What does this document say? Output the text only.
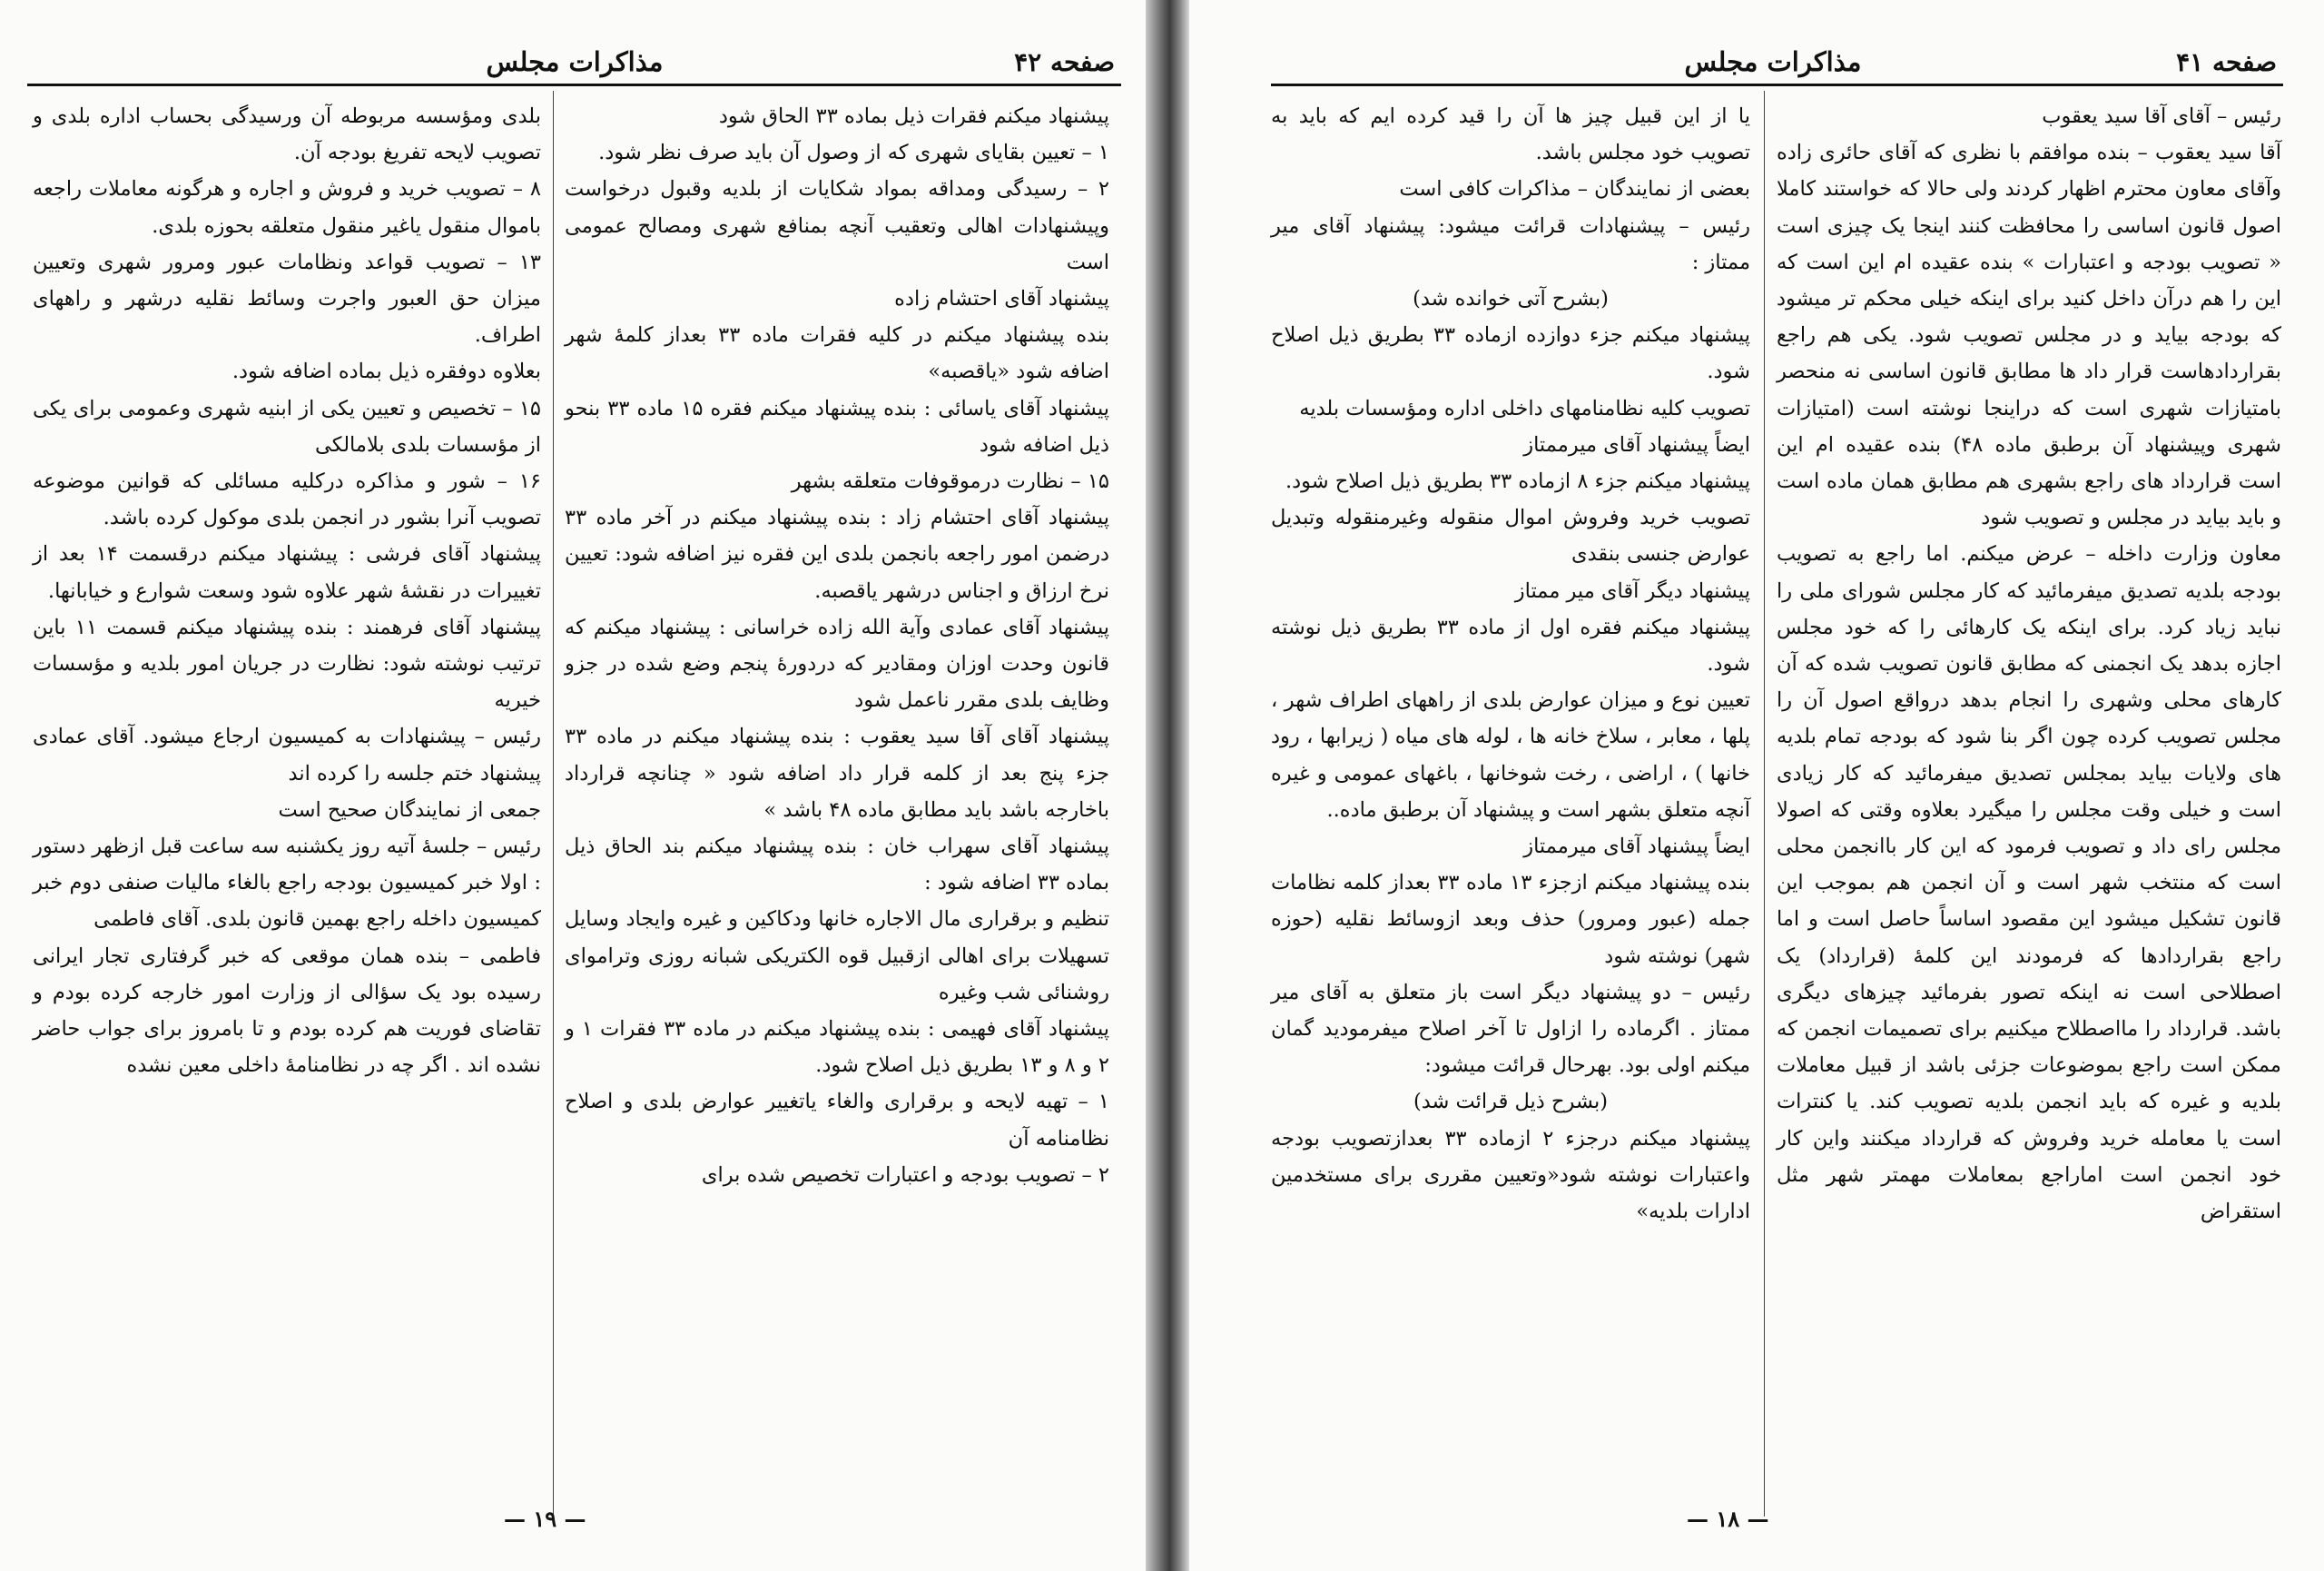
صفحه ۴۲
مذاکرات مجلس

پیشنهاد میکنم فقرات ذیل بماده ۳۳ الحاق شود

۱ – تعیین بقایای شهری که از وصول آن باید صرف نظر شود.

۲ – رسیدگی ومداقه بمواد شکایات از بلدیه وقبول درخواست وپیشنهادات اهالی وتعقیب آنچه بمنافع شهری ومصالح عمومی است

پیشنهاد آقای احتشام زاده

بنده پیشنهاد میکنم در کلیه فقرات ماده ۳۳ بعداز کلمهٔ شهر اضافه شود «یاقصبه»

پیشنهاد آقای یاسائی : بنده پیشنهاد میکنم فقره ۱۵ ماده ۳۳ بنحو ذیل اضافه شود

۱۵ – نظارت درموقوفات متعلقه بشهر

پیشنهاد آقای احتشام زاد : بنده پیشنهاد میکنم در آخر ماده ۳۳ درضمن امور راجعه بانجمن بلدی این فقره نیز اضافه شود: تعیین نرخ ارزاق و اجناس درشهر یاقصبه.

پیشنهاد آقای عمادی وآیة الله زاده خراسانی : پیشنهاد میکنم که قانون وحدت اوزان ومقادیر که دردورهٔ پنجم وضع شده در جزو وظایف بلدی مقرر ناعمل شود

پیشنهاد آقای آقا سید یعقوب : بنده پیشنهاد میکنم در ماده ۳۳ جزء پنج بعد از کلمه قرار داد اضافه شود « چنانچه قرارداد باخارجه باشد باید مطابق ماده ۴۸ باشد »

پیشنهاد آقای سهراب خان : بنده پیشنهاد میکنم بند الحاق ذیل بماده ۳۳ اضافه شود :

تنظیم و برقراری مال الاجاره خانها ودکاکین و غیره وایجاد وسایل تسهیلات برای اهالی ازقبیل قوه الکتریکی شبانه روزی وتراموای روشنائی شب وغیره

پیشنهاد آقای فهیمی : بنده پیشنهاد میکنم در ماده ۳۳ فقرات ۱ و ۲ و ۸ و ۱۳ بطریق ذیل اصلاح شود.

۱ – تهیه لایحه و برقراری والغاء یاتغییر عوارض بلدی و اصلاح نظامنامه آن

۲ – تصویب بودجه و اعتبارات تخصیص شده برای

بلدی ومؤسسه مربوطه آن ورسیدگی بحساب اداره بلدی و تصویب لایحه تفریغ بودجه آن.

۸ – تصویب خرید و فروش و اجاره و هرگونه معاملات راجعه باموال منقول یاغیر منقول متعلقه بحوزه بلدی.

۱۳ – تصویب قواعد ونظامات عبور ومرور شهری وتعیین میزان حق العبور واجرت وسائط نقلیه درشهر و راههای اطراف.

بعلاوه دوفقره ذیل بماده اضافه شود.

۱۵ – تخصیص و تعیین یکی از ابنیه شهری وعمومی برای یکی از مؤسسات بلدی بلامالکی

۱۶ – شور و مذاکره درکلیه مسائلی که قوانین موضوعه تصویب آنرا بشور در انجمن بلدی موکول کرده باشد.

پیشنهاد آقای فرشی : پیشنهاد میکنم درقسمت ۱۴ بعد از تغییرات در نقشهٔ شهر علاوه شود وسعت شوارع و خیابانها.

پیشنهاد آقای فرهمند : بنده پیشنهاد میکنم قسمت ۱۱ باین ترتیب نوشته شود: نظارت در جریان امور بلدیه و مؤسسات خیریه

رئیس – پیشنهادات به کمیسیون ارجاع میشود. آقای عمادی پیشنهاد ختم جلسه را کرده اند

جمعی از نمایندگان صحیح است

رئیس – جلسهٔ آتیه روز یکشنبه سه ساعت قبل ازظهر دستور : اولا خبر کمیسیون بودجه راجع بالغاء مالیات صنفی دوم خبر کمیسیون داخله راجع بهمین قانون بلدی. آقای فاطمی

فاطمی – بنده همان موقعی که خبر گرفتاری تجار ایرانی رسیده بود یک سؤالی از وزارت امور خارجه کرده بودم و تقاضای فوریت هم کرده بودم و تا بامروز برای جواب حاضر نشده اند . اگر چه در نظامنامهٔ داخلی معین نشده

— ۱۹ —
صفحه ۴۱
مذاکرات مجلس

رئیس – آقای آقا سید یعقوب

آقا سید یعقوب – بنده موافقم با نظری که آقای حائری زاده وآقای معاون محترم اظهار کردند ولی حالا که خواستند کاملا اصول قانون اساسی را محافظت کنند اینجا یک چیزی است « تصویب بودجه و اعتبارات » بنده عقیده ام این است که این را هم درآن داخل کنید برای اینکه خیلی محکم تر میشود که بودجه بیاید و در مجلس تصویب شود. یکی هم راجع بقراردادهاست قرار داد ها مطابق قانون اساسی نه منحصر بامتیازات شهری است که دراینجا نوشته است (امتیازات شهری وپیشنهاد آن برطبق ماده ۴۸) بنده عقیده ام این است قرارداد های راجع بشهری هم مطابق همان ماده است و باید بیاید در مجلس و تصویب شود

معاون وزارت داخله – عرض میکنم. اما راجع به تصویب بودجه بلدیه تصدیق میفرمائید که کار مجلس شورای ملی را نباید زیاد کرد. برای اینکه یک کارهائی را که خود مجلس اجازه بدهد یک انجمنی که مطابق قانون تصویب شده که آن کارهای محلی وشهری را انجام بدهد درواقع اصول آن را مجلس تصویب کرده چون اگر بنا شود که بودجه تمام بلدیه های ولایات بیاید بمجلس تصدیق میفرمائید که کار زیادی است و خیلی وقت مجلس را میگیرد بعلاوه وقتی که اصولا مجلس رای داد و تصویب فرمود که این کار باانجمن محلی است که منتخب شهر است و آن انجمن هم بموجب این قانون تشکیل میشود این مقصود اساساً حاصل است و اما راجع بقراردادها که فرمودند این کلمهٔ (قرارداد) یک اصطلاحی است نه اینکه تصور بفرمائید چیزهای دیگری باشد. قرارداد را مااصطلاح میکنیم برای تصمیمات انجمن که ممکن است راجع بموضوعات جزئی باشد از قبیل معاملات بلدیه و غیره که باید انجمن بلدیه تصویب کند. یا کنترات است یا معامله خرید وفروش که قرارداد میکنند واین کار خود انجمن است اماراجع بمعاملات مهمتر شهر مثل استقراض

یا از این قبیل چیز ها آن را قید کرده ایم که باید به تصویب خود مجلس باشد.

بعضی از نمایندگان – مذاکرات کافی است

رئیس – پیشنهادات قرائت میشود: پیشنهاد آقای میر ممتاز :

(بشرح آتی خوانده شد)

پیشنهاد میکنم جزء دوازده ازماده ۳۳ بطریق ذیل اصلاح شود.

تصویب کلیه نظامنامهای داخلی اداره ومؤسسات بلدیه

ایضاً پیشنهاد آقای میرممتاز

پیشنهاد میکنم جزء ۸ ازماده ۳۳ بطریق ذیل اصلاح شود.

تصویب خرید وفروش اموال منقوله وغیرمنقوله وتبدیل عوارض جنسی بنقدی

پیشنهاد دیگر آقای میر ممتاز

پیشنهاد میکنم فقره اول از ماده ۳۳ بطریق ذیل نوشته شود.

تعیین نوع و میزان عوارض بلدی از راههای اطراف شهر ، پلها ، معابر ، سلاخ خانه ها ، لوله های میاه ( زیرابها ، رود خانها ) ، اراضی ، رخت شوخانها ، باغهای عمومی و غیره آنچه متعلق بشهر است و پیشنهاد آن برطبق ماده..

ایضاً پیشنهاد آقای میرممتاز

بنده پیشنهاد میکنم ازجزء ۱۳ ماده ۳۳ بعداز کلمه نظامات جمله (عبور ومرور) حذف وبعد ازوسائط نقلیه (حوزه شهر) نوشته شود

رئیس – دو پیشنهاد دیگر است باز متعلق به آقای میر ممتاز . اگرماده را ازاول تا آخر اصلاح میفرمودید گمان میکنم اولی بود. بهرحال قرائت میشود:

(بشرح ذیل قرائت شد)

پیشنهاد میکنم درجزء ۲ ازماده ۳۳ بعدازتصویب بودجه واعتبارات نوشته شود«وتعیین مقرری برای مستخدمین ادارات بلدیه»

— ۱۸ —
